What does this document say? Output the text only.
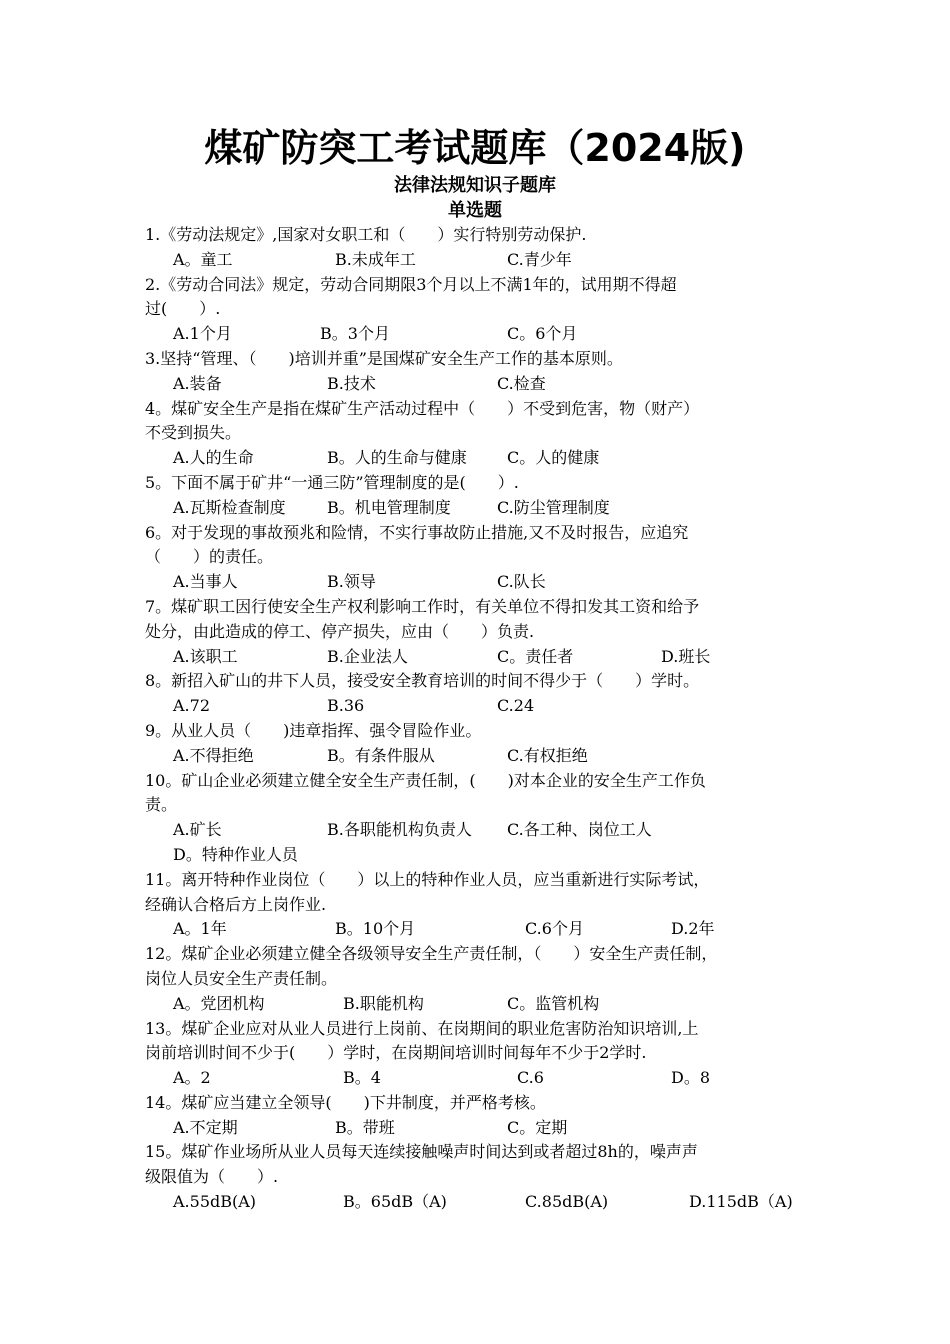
煤矿防突工考试题库（2024版)
法律法规知识子题库
单选题
1.《劳动法规定》,国家对女职工和（　　）实行特别劳动保护.
A。童工	B.未成年工	C.青少年
2.《劳动合同法》规定，劳动合同期限3个月以上不满1年的，试用期不得超
过(　　）.
A.1个月	B。3个月	C。6个月
3.坚持“管理、（　　)培训并重”是国煤矿安全生产工作的基本原则。
A.装备	B.技术	C.检查
4。煤矿安全生产是指在煤矿生产活动过程中（　　）不受到危害，物（财产）
不受到损失。
A.人的生命	B。人的生命与健康	C。人的健康
5。下面不属于矿井“一通三防”管理制度的是(　　）.
A.瓦斯检查制度	B。机电管理制度	C.防尘管理制度
6。对于发现的事故预兆和险情，不实行事故防止措施,又不及时报告，应追究
（　　）的责任。
A.当事人	B.领导	C.队长
7。煤矿职工因行使安全生产权利影响工作时，有关单位不得扣发其工资和给予
处分，由此造成的停工、停产损失，应由（　　）负责.
A.该职工	B.企业法人	C。责任者	D.班长
8。新招入矿山的井下人员，接受安全教育培训的时间不得少于（　　）学时。
A.72	B.36	C.24
9。从业人员（　　)违章指挥、强令冒险作业。
A.不得拒绝	B。有条件服从	C.有权拒绝
10。矿山企业必须建立健全安全生产责任制，(　　)对本企业的安全生产工作负
责。
A.矿长	B.各职能机构负责人 C.各工种、岗位工人
D。特种作业人员
11。离开特种作业岗位（　　）以上的特种作业人员，应当重新进行实际考试，
经确认合格后方上岗作业.
A。1年	B。10个月	C.6个月	D.2年
12。煤矿企业必须建立健全各级领导安全生产责任制，（　　）安全生产责任制，
岗位人员安全生产责任制。
A。党团机构	B.职能机构	C。监管机构
13。煤矿企业应对从业人员进行上岗前、在岗期间的职业危害防治知识培训,上
岗前培训时间不少于(　　）学时，在岗期间培训时间每年不少于2学时.
A。2	B。4	C.6	D。8
14。煤矿应当建立全领导(　　)下井制度，并严格考核。
A.不定期	B。带班	C。定期
15。煤矿作业场所从业人员每天连续接触噪声时间达到或者超过8h的，噪声声
级限值为（　　）.
A.55dB(A)	B。65dB（A)	C.85dB(A)	D.115dB（A)
